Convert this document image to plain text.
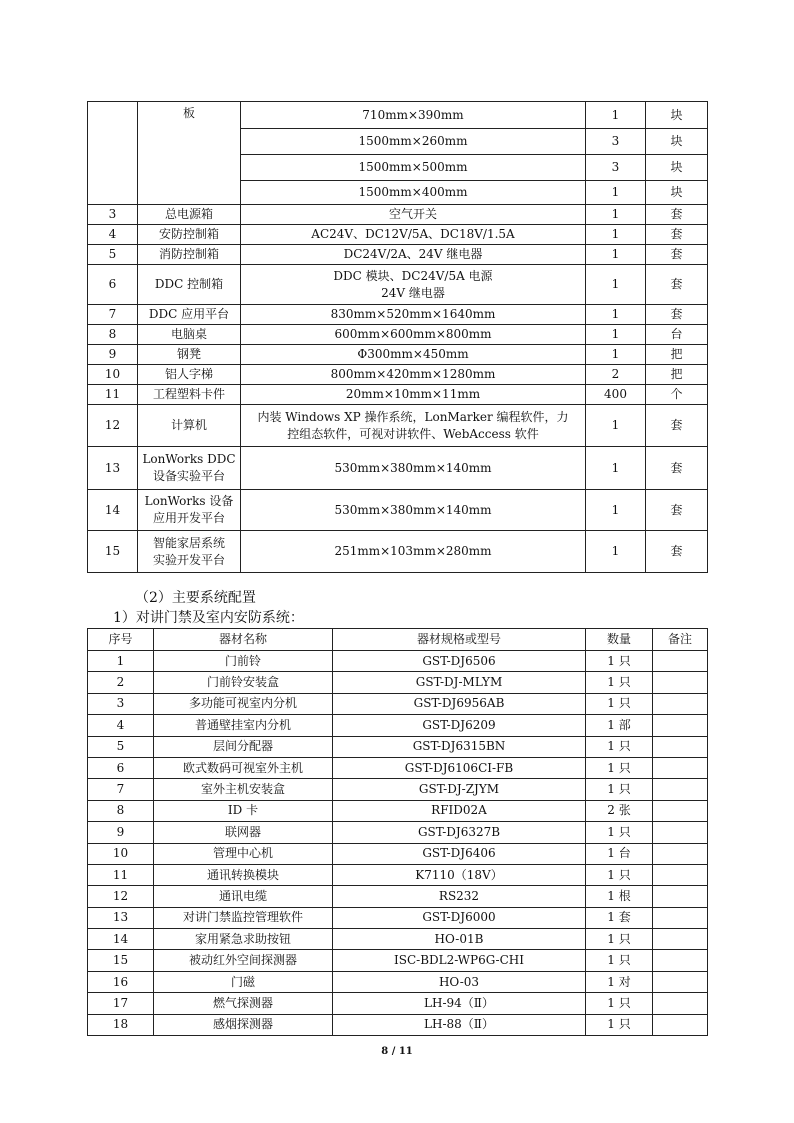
	板	710mm×390mm	1	块
		1500mm×260mm	3	块
		1500mm×500mm	3	块
		1500mm×400mm	1	块
3	总电源箱	空气开关	1	套
4	安防控制箱	AC24V、DC12V/5A、DC18V/1.5A	1	套
5	消防控制箱	DC24V/2A、24V 继电器	1	套
6	DDC 控制箱	DDC 模块、DC24V/5A 电源
24V 继电器	1	套
7	DDC 应用平台	830mm×520mm×1640mm	1	套
8	电脑桌	600mm×600mm×800mm	1	台
9	钢凳	Φ300mm×450mm	1	把
10	铝人字梯	800mm×420mm×1280mm	2	把
11	工程塑料卡件	20mm×10mm×11mm	400	个
12	计算机	内装 Windows XP 操作系统，LonMarker 编程软件，力
控组态软件，可视对讲软件、WebAccess 软件	1	套
13	LonWorks DDC
设备实验平台	530mm×380mm×140mm	1	套
14	LonWorks 设备
应用开发平台	530mm×380mm×140mm	1	套
15	智能家居系统
实验开发平台	251mm×103mm×280mm	1	套
（2）主要系统配置
1）对讲门禁及室内安防系统：
序号	器材名称	器材规格或型号	数量	备注
1	门前铃	GST-DJ6506	1 只	
2	门前铃安装盒	GST-DJ-MLYM	1 只	
3	多功能可视室内分机	GST-DJ6956AB	1 只	
4	普通壁挂室内分机	GST-DJ6209	1 部	
5	层间分配器	GST-DJ6315BN	1 只	
6	欧式数码可视室外主机	GST-DJ6106CI-FB	1 只	
7	室外主机安装盒	GST-DJ-ZJYM	1 只	
8	ID 卡	RFID02A	2 张	
9	联网器	GST-DJ6327B	1 只	
10	管理中心机	GST-DJ6406	1 台	
11	通讯转换模块	K7110（18V）	1 只	
12	通讯电缆	RS232	1 根	
13	对讲门禁监控管理软件	GST-DJ6000	1 套	
14	家用紧急求助按钮	HO-01B	1 只	
15	被动红外空间探测器	ISC-BDL2-WP6G-CHI	1 只	
16	门磁	HO-03	1 对	
17	燃气探测器	LH-94（Ⅱ）	1 只	
18	感烟探测器	LH-88（Ⅱ）	1 只	
8 / 11
